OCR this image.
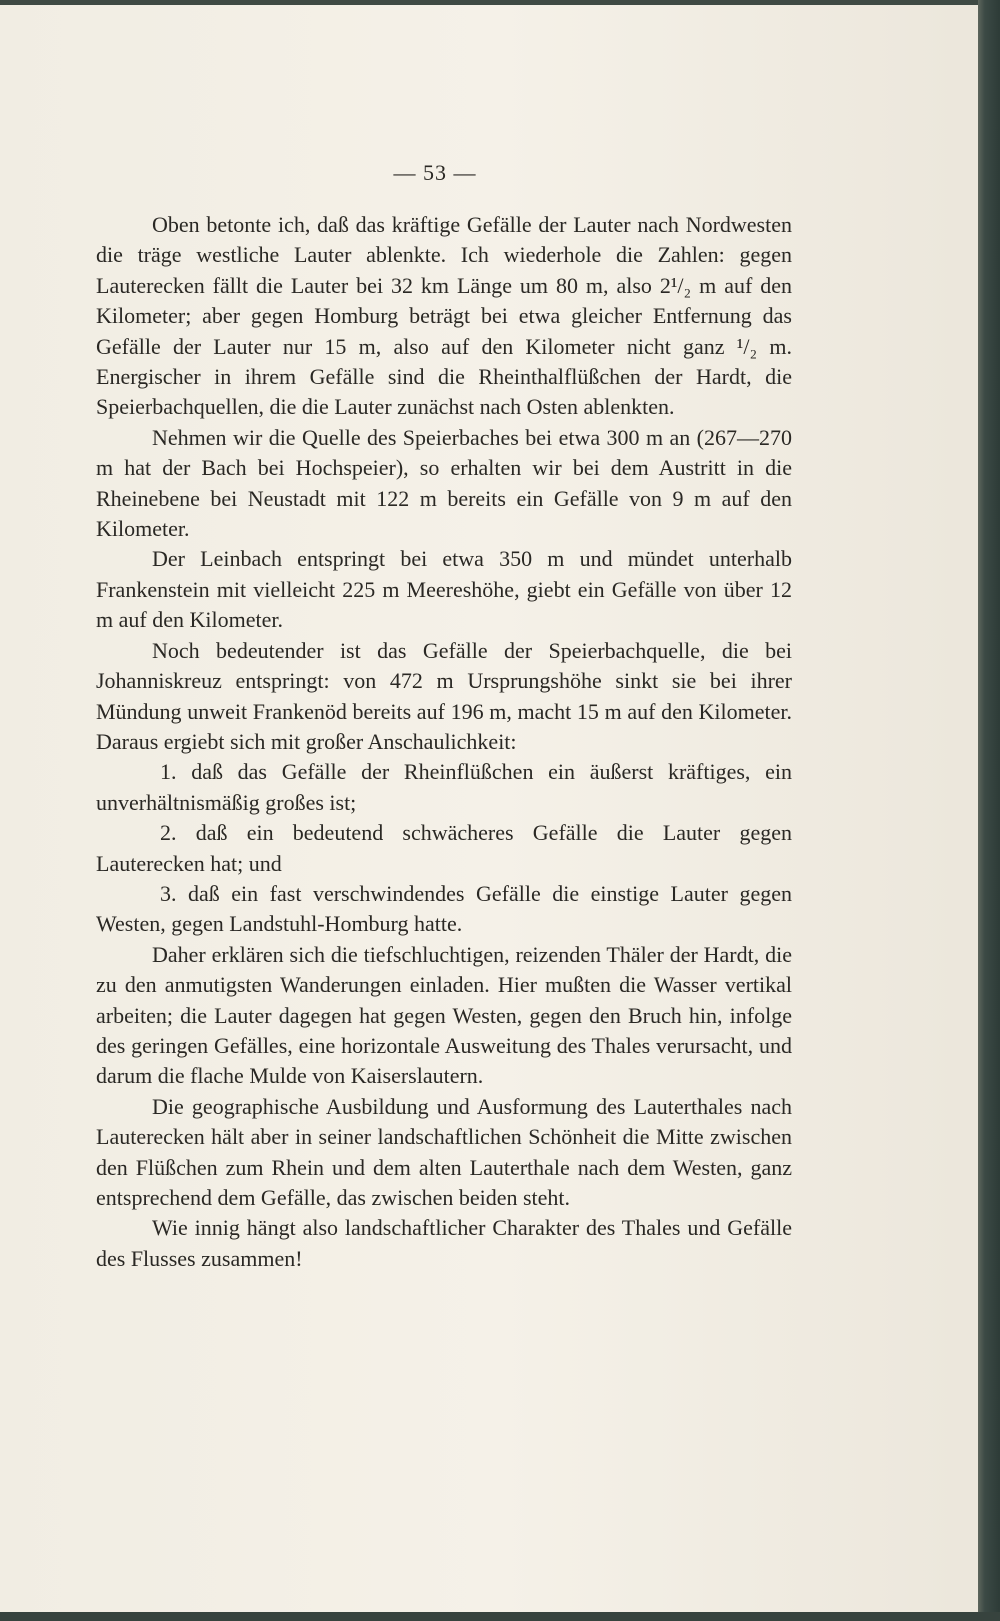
— 53 —

Oben betonte ich, daß das kräftige Gefälle der Lauter nach Nordwesten die träge westliche Lauter ablenkte. Ich wiederhole die Zahlen: gegen Lauterecken fällt die Lauter bei 32 km Länge um 80 m, also 2¹/₂ m auf den Kilometer; aber gegen Homburg beträgt bei etwa gleicher Entfernung das Gefälle der Lauter nur 15 m, also auf den Kilometer nicht ganz ¹/₂ m. Energischer in ihrem Gefälle sind die Rheinthalflüßchen der Hardt, die Speierbachquellen, die die Lauter zunächst nach Osten ablenkten.

Nehmen wir die Quelle des Speierbaches bei etwa 300 m an (267—270 m hat der Bach bei Hochspeier), so erhalten wir bei dem Austritt in die Rheinebene bei Neustadt mit 122 m bereits ein Gefälle von 9 m auf den Kilometer.

Der Leinbach entspringt bei etwa 350 m und mündet unterhalb Frankenstein mit vielleicht 225 m Meereshöhe, giebt ein Gefälle von über 12 m auf den Kilometer.

Noch bedeutender ist das Gefälle der Speierbachquelle, die bei Johanniskreuz entspringt: von 472 m Ursprungshöhe sinkt sie bei ihrer Mündung unweit Frankenöd bereits auf 196 m, macht 15 m auf den Kilometer. Daraus ergiebt sich mit großer Anschaulichkeit:

1. daß das Gefälle der Rheinflüßchen ein äußerst kräftiges, ein unverhältnismäßig großes ist;

2. daß ein bedeutend schwächeres Gefälle die Lauter gegen Lauterecken hat; und

3. daß ein fast verschwindendes Gefälle die einstige Lauter gegen Westen, gegen Landstuhl-Homburg hatte.

Daher erklären sich die tiefschluchtigen, reizenden Thäler der Hardt, die zu den anmutigsten Wanderungen einladen. Hier mußten die Wasser vertikal arbeiten; die Lauter dagegen hat gegen Westen, gegen den Bruch hin, infolge des geringen Gefälles, eine horizontale Ausweitung des Thales verursacht, und darum die flache Mulde von Kaiserslautern.

Die geographische Ausbildung und Ausformung des Lauterthales nach Lauterecken hält aber in seiner landschaftlichen Schönheit die Mitte zwischen den Flüßchen zum Rhein und dem alten Lauterthale nach dem Westen, ganz entsprechend dem Gefälle, das zwischen beiden steht.

Wie innig hängt also landschaftlicher Charakter des Thales und Gefälle des Flusses zusammen!
